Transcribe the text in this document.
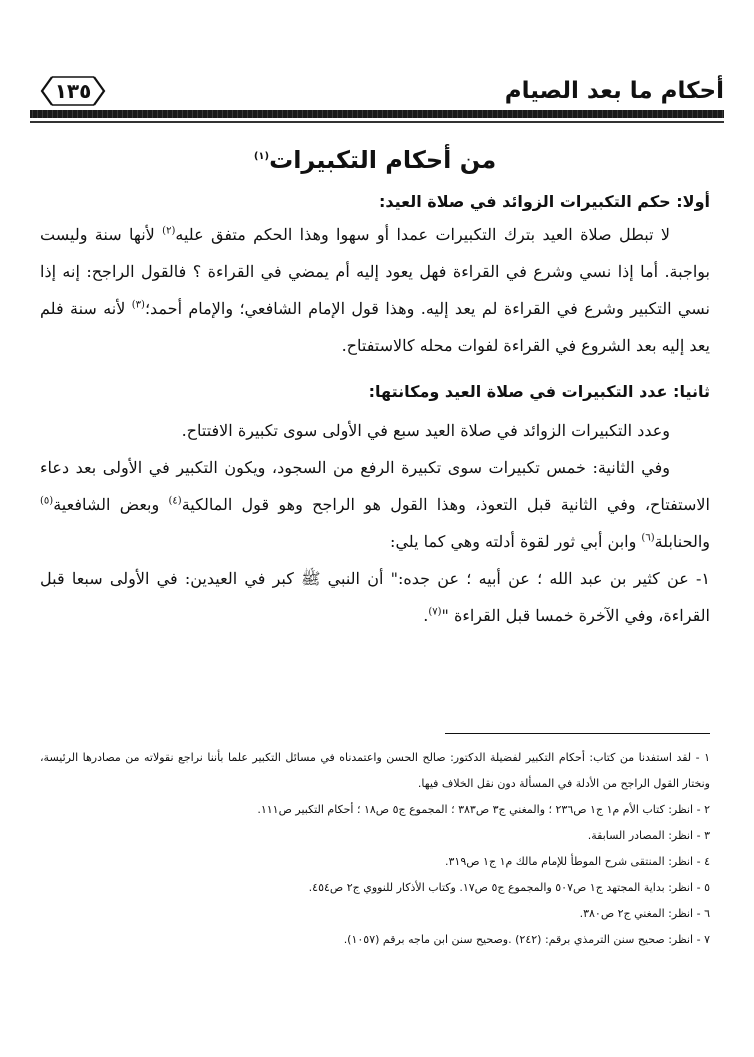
أحكام ما بعد الصيام
١٣٥
من أحكام التكبيرات$^{(١)}$

أولا: حكم التكبيرات الزوائد في صلاة العيد:

لا تبطل صلاة العيد بترك التكبيرات عمدا أو سهوا وهذا الحكم متفق عليه$^{(٢)}$ لأنها سنة وليست بواجبة. أما إذا نسي وشرع في القراءة فهل يعود إليه أم يمضي في القراءة ؟ فالقول الراجح: إنه إذا نسي التكبير وشرع في القراءة لم يعد إليه. وهذا قول الإمام الشافعي؛ والإمام أحمد؛$^{(٣)}$ لأنه سنة فلم يعد إليه بعد الشروع في القراءة لفوات محله كالاستفتاح.

ثانيا: عدد التكبيرات في صلاة العيد ومكانتها:

وعدد التكبيرات الزوائد في صلاة العيد سبع في الأولى سوى تكبيرة الافتتاح.

وفي الثانية: خمس تكبيرات سوى تكبيرة الرفع من السجود، ويكون التكبير في الأولى بعد دعاء الاستفتاح، وفي الثانية قبل التعوذ، وهذا القول هو الراجح وهو قول المالكية$^{(٤)}$ وبعض الشافعية$^{(٥)}$ والحنابلة$^{(٦)}$ وابن أبي ثور لقوة أدلته وهي كما يلي:

١- عن كثير بن عبد الله ؛ عن أبيه ؛ عن جده:" أن النبي ﷺ كبر في العيدين: في الأولى سبعا قبل القراءة، وفي الآخرة خمسا قبل القراءة "$^{(٧)}$.

١ - لقد استفدنا من كتاب: أحكام التكبير لفضيلة الدكتور: صالح الحسن واعتمدناه في مسائل التكبير علما بأننا نراجع نقولاته من مصادرها الرئيسة، ونختار القول الراجح من الأدلة في المسألة دون نقل الخلاف فيها.

٢ - انظر: كتاب الأم م١ ج١ ص٢٣٦ ؛ والمغني ج٣ ص٣٨٣ ؛ المجموع ج٥ ص١٨ ؛ أحكام التكبير ص١١١.

٣ - انظر: المصادر السابقة.

٤ - انظر: المنتقى شرح الموطأ للإمام مالك م١ ج١ ص٣١٩.

٥ - انظر: بداية المجتهد ج١ ص٥٠٧ والمجموع ج٥ ص١٧. وكتاب الأذكار للنووي ج٢ ص٤٥٤.

٦ - انظر: المغني ج٢ ص٣٨٠.

٧ - انظر: صحيح سنن الترمذي برقم: (٢٤٢) .وصحيح سنن ابن ماجه برقم (١٠٥٧).
